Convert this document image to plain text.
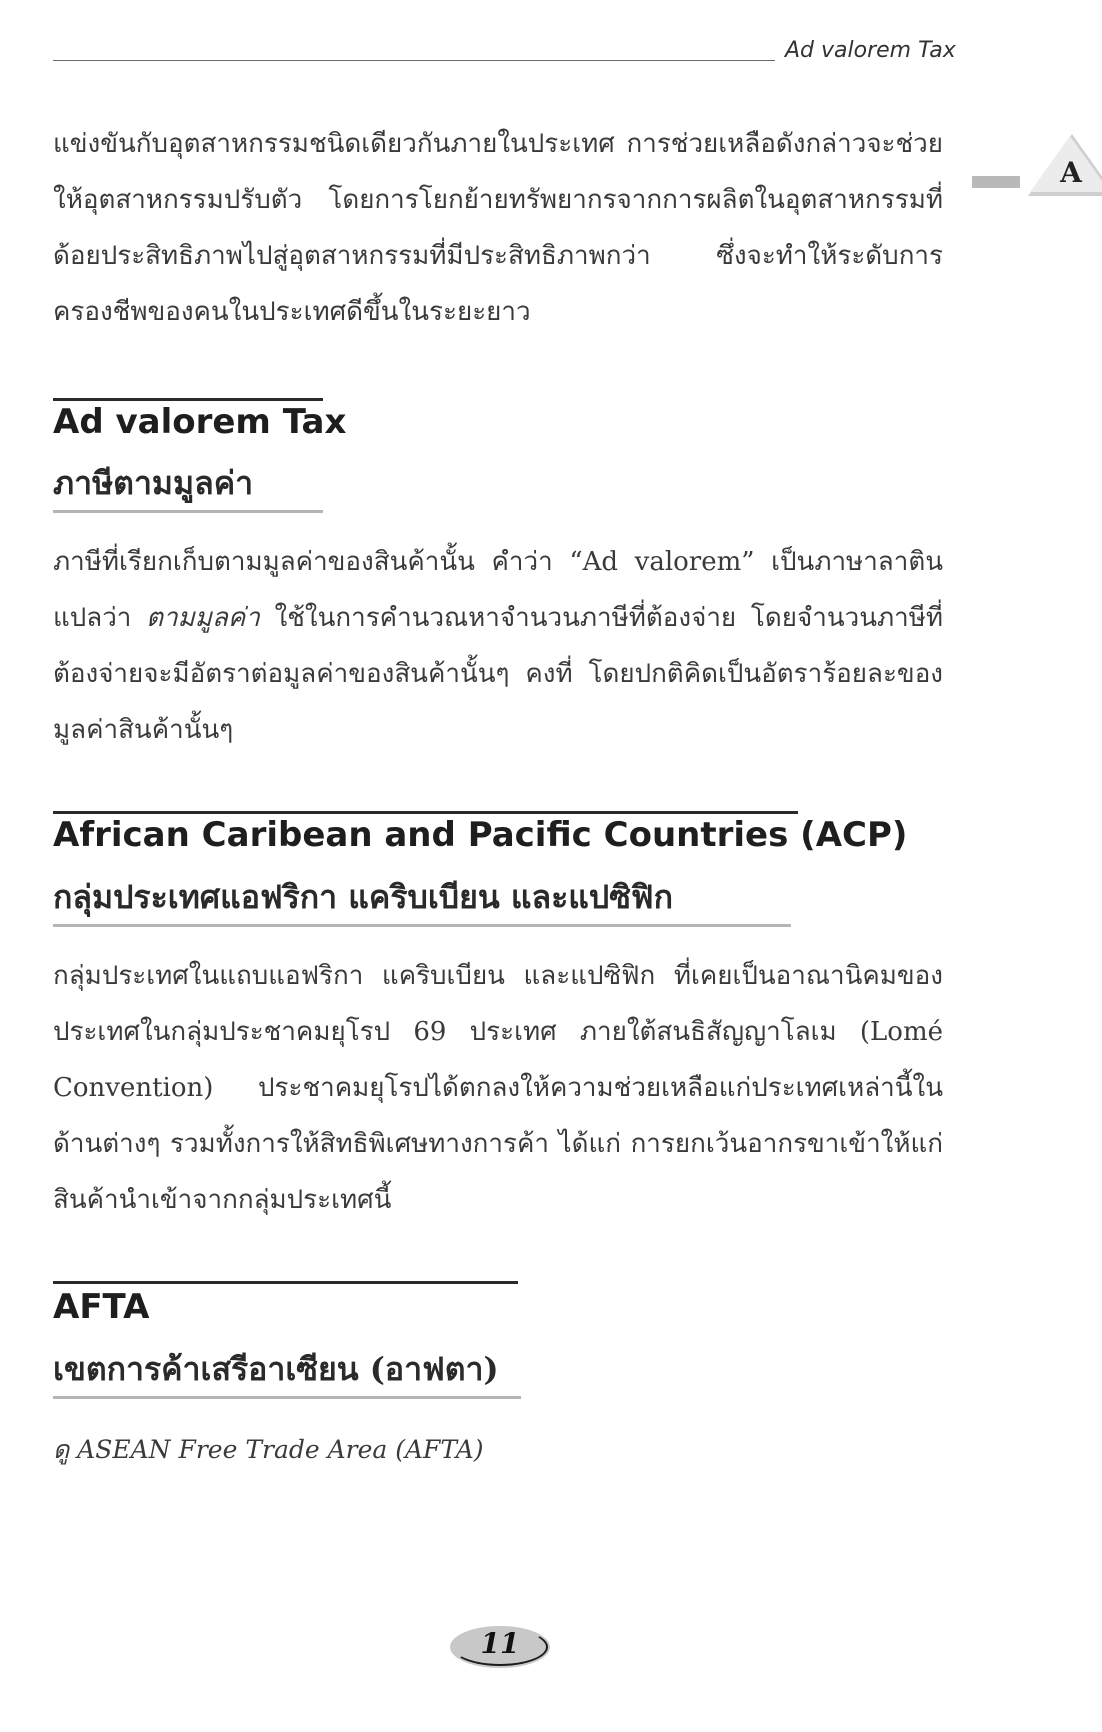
Ad valorem Tax
A

แข่งขันกับอุตสาหกรรมชนิดเดียวกันภายในประเทศ การช่วยเหลือดังกล่าวจะช่วยให้อุตสาหกรรมปรับตัว โดยการโยกย้ายทรัพยากรจากการผลิตในอุตสาหกรรมที่ด้อยประสิทธิภาพไปสู่อุตสาหกรรมที่มีประสิทธิภาพกว่า ซึ่งจะทำให้ระดับการครองชีพของคนในประเทศดีขึ้นในระยะยาว

Ad valorem Tax
ภาษีตามมูลค่า

ภาษีที่เรียกเก็บตามมูลค่าของสินค้านั้น คำว่า “Ad valorem” เป็นภาษาลาตินแปลว่า ตามมูลค่า ใช้ในการคำนวณหาจำนวนภาษีที่ต้องจ่าย โดยจำนวนภาษีที่ต้องจ่ายจะมีอัตราต่อมูลค่าของสินค้านั้นๆ คงที่ โดยปกติคิดเป็นอัตราร้อยละของมูลค่าสินค้านั้นๆ

African Caribean and Pacific Countries (ACP)
กลุ่มประเทศแอฟริกา แคริบเบียน และแปซิฟิก

กลุ่มประเทศในแถบแอฟริกา แคริบเบียน และแปซิฟิก ที่เคยเป็นอาณานิคมของประเทศในกลุ่มประชาคมยุโรป 69 ประเทศ ภายใต้สนธิสัญญาโลเม (Lomé Convention) ประชาคมยุโรปได้ตกลงให้ความช่วยเหลือแก่ประเทศเหล่านี้ในด้านต่างๆ รวมทั้งการให้สิทธิพิเศษทางการค้า ได้แก่ การยกเว้นอากรขาเข้าให้แก่สินค้านำเข้าจากกลุ่มประเทศนี้

AFTA
เขตการค้าเสรีอาเซียน (อาฟตา)

ดู ASEAN Free Trade Area (AFTA)

11
